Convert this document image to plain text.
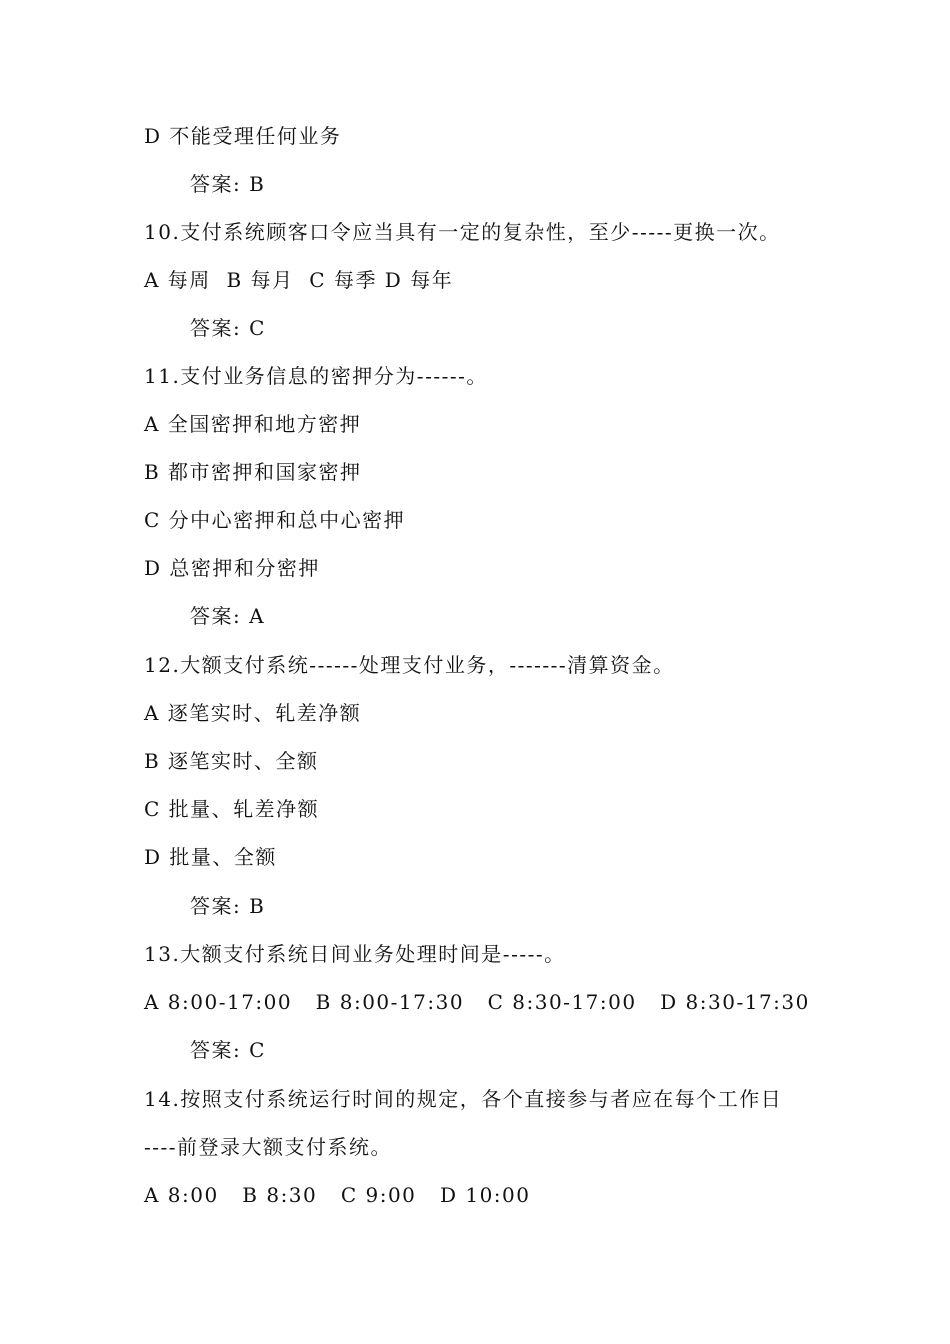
D 不能受理任何业务
答案: B
10.支付系统顾客口令应当具有一定的复杂性，至少-----更换一次。
A 每周  B 每月  C 每季 D 每年
答案: C
11.支付业务信息的密押分为------。
A 全国密押和地方密押
B 都市密押和国家密押
C 分中心密押和总中心密押
D 总密押和分密押
答案: A
12.大额支付系统------处理支付业务，-------清算资金。
A 逐笔实时、轧差净额
B 逐笔实时、全额
C 批量、轧差净额
D 批量、全额
答案: B
13.大额支付系统日间业务处理时间是-----。
A 8:00-17:00   B 8:00-17:30   C 8:30-17:00   D 8:30-17:30
答案: C
14.按照支付系统运行时间的规定，各个直接参与者应在每个工作日
----前登录大额支付系统。
A 8:00   B 8:30   C 9:00   D 10:00
